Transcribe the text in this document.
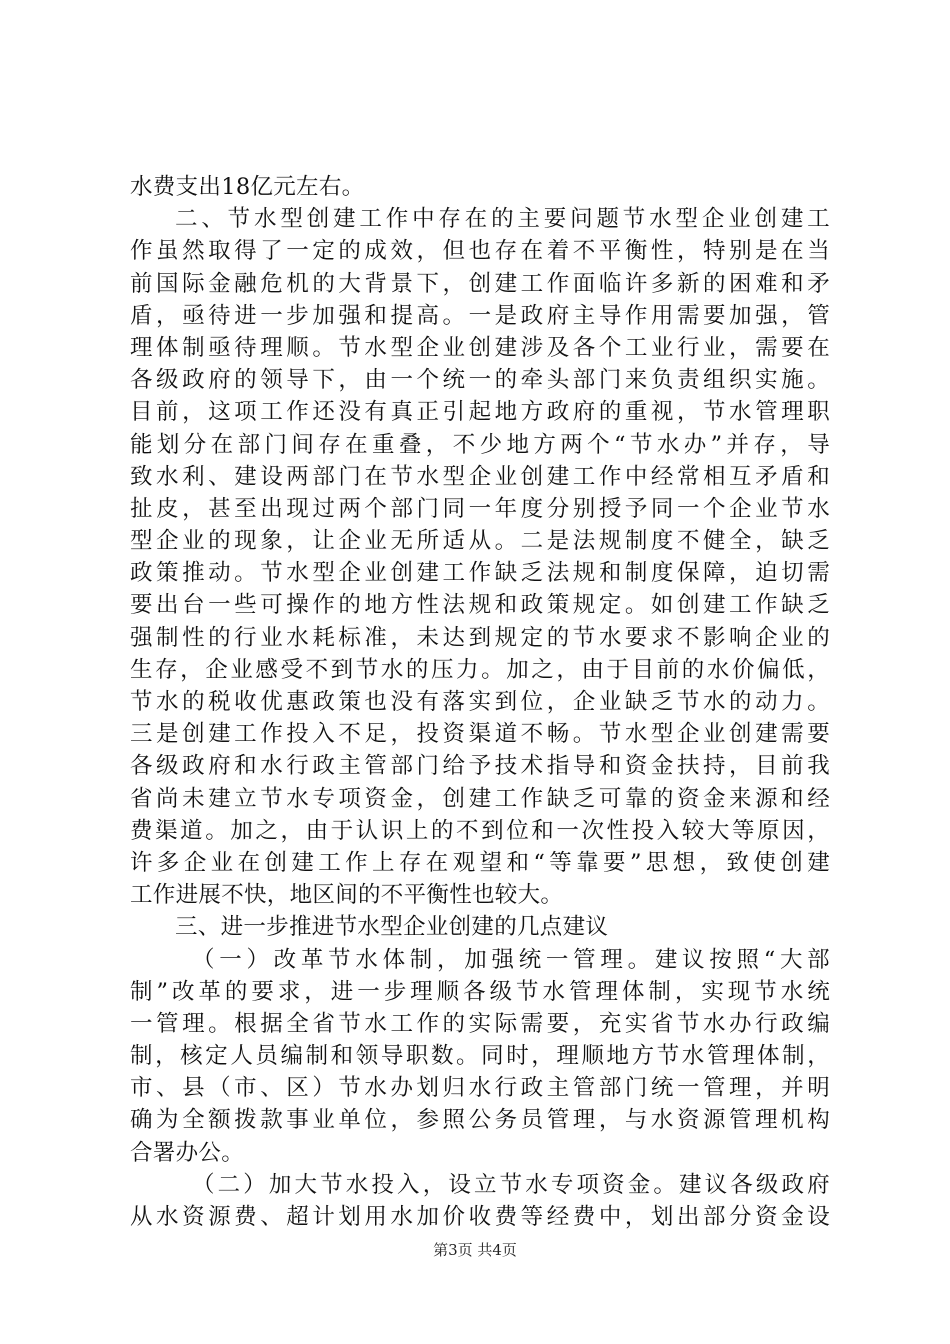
水费支出18亿元左右。
二、节水型创建工作中存在的主要问题节水型企业创建工
作虽然取得了一定的成效，但也存在着不平衡性，特别是在当
前国际金融危机的大背景下，创建工作面临许多新的困难和矛
盾，亟待进一步加强和提高。一是政府主导作用需要加强，管
理体制亟待理顺。节水型企业创建涉及各个工业行业，需要在
各级政府的领导下，由一个统一的牵头部门来负责组织实施。
目前，这项工作还没有真正引起地方政府的重视，节水管理职
能划分在部门间存在重叠，不少地方两个“节水办”并存，导
致水利、建设两部门在节水型企业创建工作中经常相互矛盾和
扯皮，甚至出现过两个部门同一年度分别授予同一个企业节水
型企业的现象，让企业无所适从。二是法规制度不健全，缺乏
政策推动。节水型企业创建工作缺乏法规和制度保障，迫切需
要出台一些可操作的地方性法规和政策规定。如创建工作缺乏
强制性的行业水耗标准，未达到规定的节水要求不影响企业的
生存，企业感受不到节水的压力。加之，由于目前的水价偏低，
节水的税收优惠政策也没有落实到位，企业缺乏节水的动力。
三是创建工作投入不足，投资渠道不畅。节水型企业创建需要
各级政府和水行政主管部门给予技术指导和资金扶持，目前我
省尚未建立节水专项资金，创建工作缺乏可靠的资金来源和经
费渠道。加之，由于认识上的不到位和一次性投入较大等原因，
许多企业在创建工作上存在观望和“等靠要”思想，致使创建
工作进展不快，地区间的不平衡性也较大。
三、进一步推进节水型企业创建的几点建议
（一）改革节水体制，加强统一管理。建议按照“大部
制”改革的要求，进一步理顺各级节水管理体制，实现节水统
一管理。根据全省节水工作的实际需要，充实省节水办行政编
制，核定人员编制和领导职数。同时，理顺地方节水管理体制，
市、县（市、区）节水办划归水行政主管部门统一管理，并明
确为全额拨款事业单位，参照公务员管理，与水资源管理机构
合署办公。
（二）加大节水投入，设立节水专项资金。建议各级政府
从水资源费、超计划用水加价收费等经费中，划出部分资金设
第3页 共4页
